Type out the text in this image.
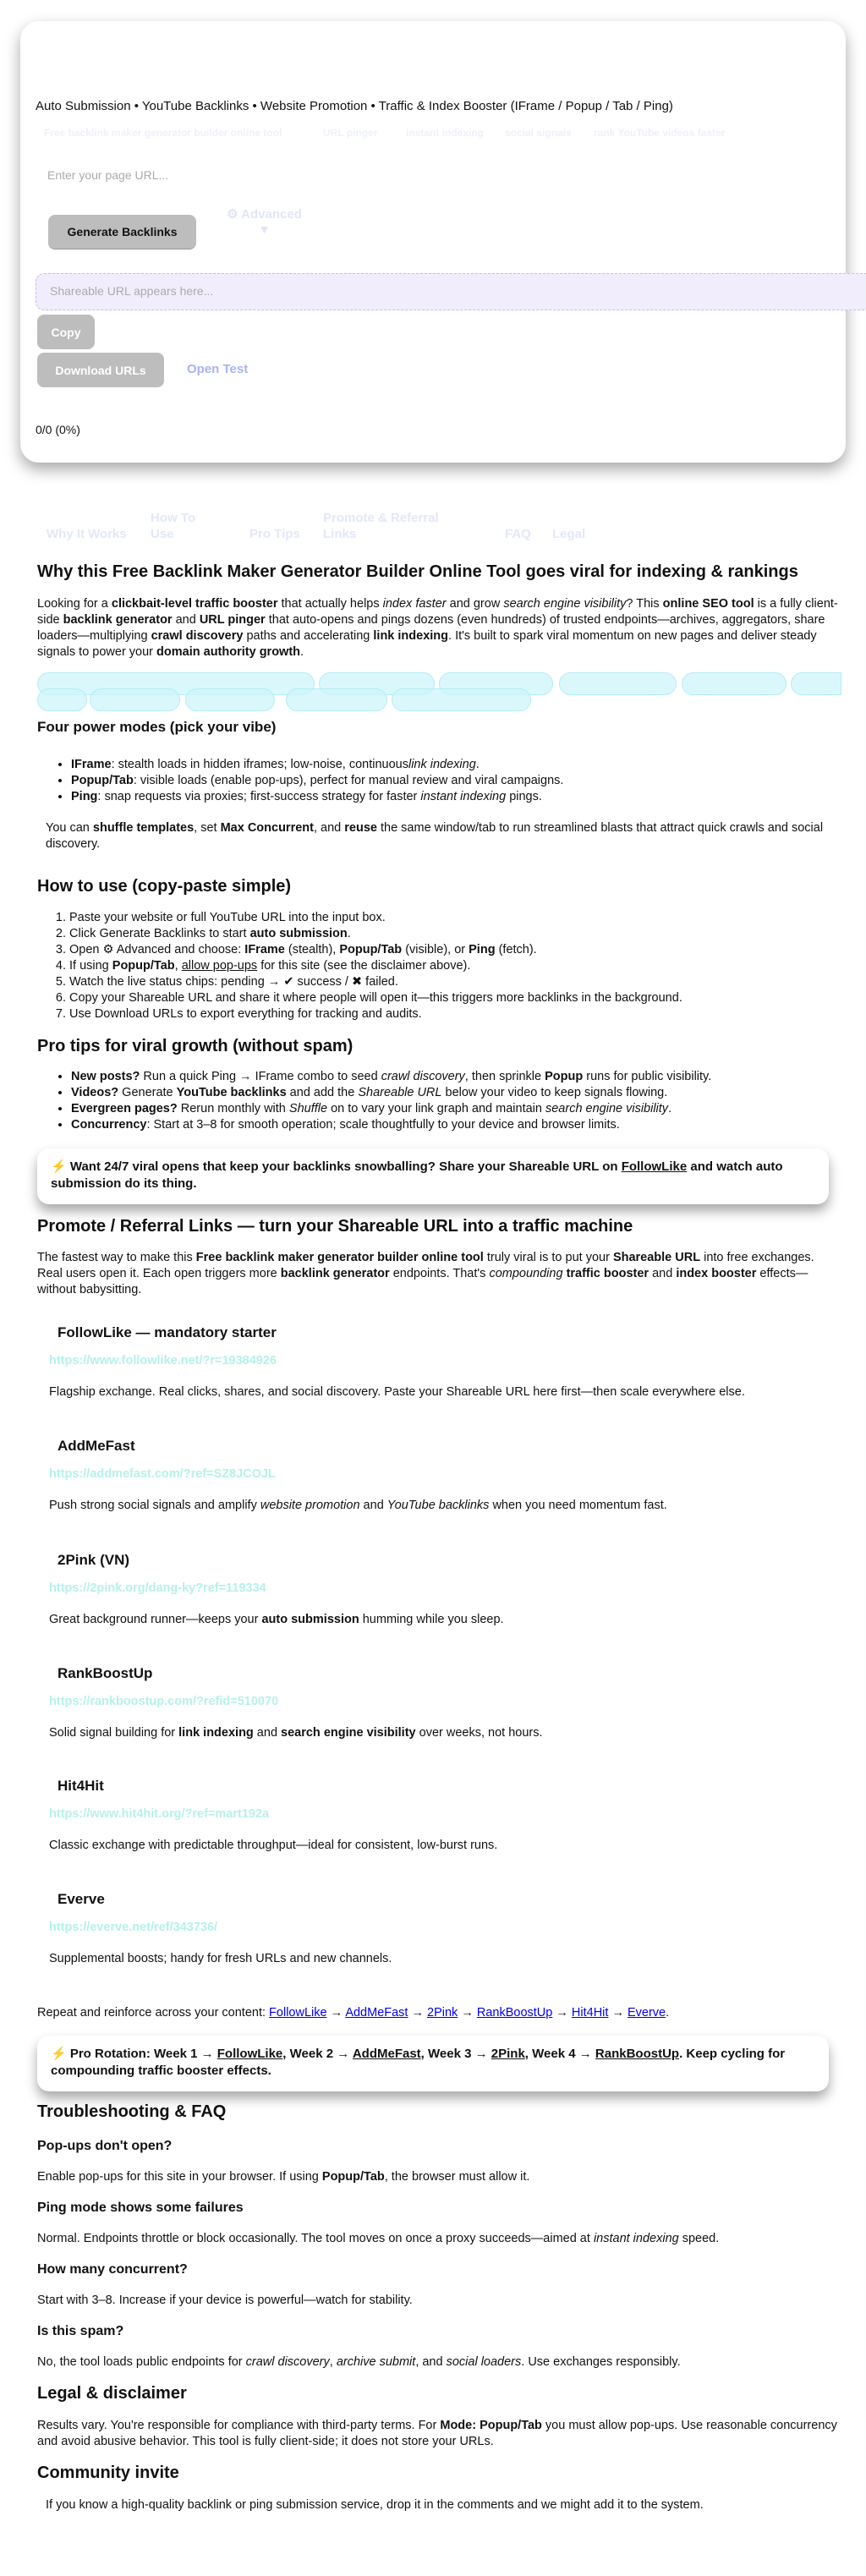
Auto Submission • YouTube Backlinks • Website Promotion • Traffic & Index Booster (IFrame / Popup / Tab / Ping)
Free backlink maker generator builder online tool	URL pinger	instant indexing social signals rank YouTube videos faster
Enter your page URL...
Generate Backlinks
⚙ Advanced
▾
Shareable URL appears here...
Copy
Download URLs	Open Test
0/0 (0%)
Why It Works
How To Use	Pro Tips
Promote & Referral Links	FAQ Legal
Why this Free Backlink Maker Generator Builder Online Tool goes viral for indexing & rankings

Looking for a clickbait-level traffic booster that actually helps index faster and grow search engine visibility? This online SEO tool is a fully client-side backlink generator and URL pinger that auto-opens and pings dozens (even hundreds) of trusted endpoints—archives, aggregators, share loaders—multiplying crawl discovery paths and accelerating link indexing. It's built to spark viral momentum on new pages and deliver steady signals to power your domain authority growth.

Four power modes (pick your vibe)
• IFrame: stealth loads in hidden iframes; low-noise, continuouslink indexing.
• Popup/Tab: visible loads (enable pop-ups), perfect for manual review and viral campaigns.
• Ping: snap requests via proxies; first-success strategy for faster instant indexing pings.

You can shuffle templates, set Max Concurrent, and reuse the same window/tab to run streamlined blasts that attract quick crawls and social discovery.

How to use (copy-paste simple)
1. Paste your website or full YouTube URL into the input box.
2. Click Generate Backlinks to start auto submission.
3. Open ⚙ Advanced and choose: IFrame (stealth), Popup/Tab (visible), or Ping (fetch).
4. If using Popup/Tab, allow pop-ups for this site (see the disclaimer above).
5. Watch the live status chips: pending → ✔ success / ✖ failed.
6. Copy your Shareable URL and share it where people will open it—this triggers more backlinks in the background.
7. Use Download URLs to export everything for tracking and audits.
Pro tips for viral growth (without spam)
• New posts? Run a quick Ping → IFrame combo to seed crawl discovery, then sprinkle Popup runs for public visibility.
• Videos? Generate YouTube backlinks and add the Shareable URL below your video to keep signals flowing.
• Evergreen pages? Rerun monthly with Shuffle on to vary your link graph and maintain search engine visibility.
• Concurrency: Start at 3–8 for smooth operation; scale thoughtfully to your device and browser limits.
⚡ Want 24/7 viral opens that keep your backlinks snowballing? Share your Shareable URL on FollowLike and watch auto submission do its thing.
Promote / Referral Links — turn your Shareable URL into a traffic machine

The fastest way to make this Free backlink maker generator builder online tool truly viral is to put your Shareable URL into free exchanges. Real users open it. Each open triggers more backlink generator endpoints. That's compounding traffic booster and index booster effects—without babysitting.

FollowLike — mandatory starter
https://www.followlike.net/?r=19384926

Flagship exchange. Real clicks, shares, and social discovery. Paste your Shareable URL here first—then scale everywhere else.

AddMeFast
https://addmefast.com/?ref=SZ8JCOJL

Push strong social signals and amplify website promotion and YouTube backlinks when you need momentum fast.

2Pink (VN)
https://2pink.org/dang-ky?ref=119334

Great background runner—keeps your auto submission humming while you sleep.

RankBoostUp
https://rankboostup.com/?refid=510070

Solid signal building for link indexing and search engine visibility over weeks, not hours.

Hit4Hit
https://www.hit4hit.org/?ref=mart192a

Classic exchange with predictable throughput—ideal for consistent, low-burst runs.

Everve
https://everve.net/ref/343736/

Supplemental boosts; handy for fresh URLs and new channels.

Repeat and reinforce across your content: FollowLike → AddMeFast → 2Pink → RankBoostUp → Hit4Hit → Everve.

⚡ Pro Rotation: Week 1 → FollowLike, Week 2 → AddMeFast, Week 3 → 2Pink, Week 4 → RankBoostUp. Keep cycling for compounding traffic booster effects.
Troubleshooting & FAQ
Pop-ups don't open?

Enable pop-ups for this site in your browser. If using Popup/Tab, the browser must allow it.

Ping mode shows some failures

Normal. Endpoints throttle or block occasionally. The tool moves on once a proxy succeeds—aimed at instant indexing speed.

How many concurrent?

Start with 3–8. Increase if your device is powerful—watch for stability.

Is this spam?

No, the tool loads public endpoints for crawl discovery, archive submit, and social loaders. Use exchanges responsibly.

Legal & disclaimer

Results vary. You're responsible for compliance with third-party terms. For Mode: Popup/Tab you must allow pop-ups. Use reasonable concurrency and avoid abusive behavior. This tool is fully client-side; it does not store your URLs.

Community invite

If you know a high-quality backlink or ping submission service, drop it in the comments and we might add it to the system.
